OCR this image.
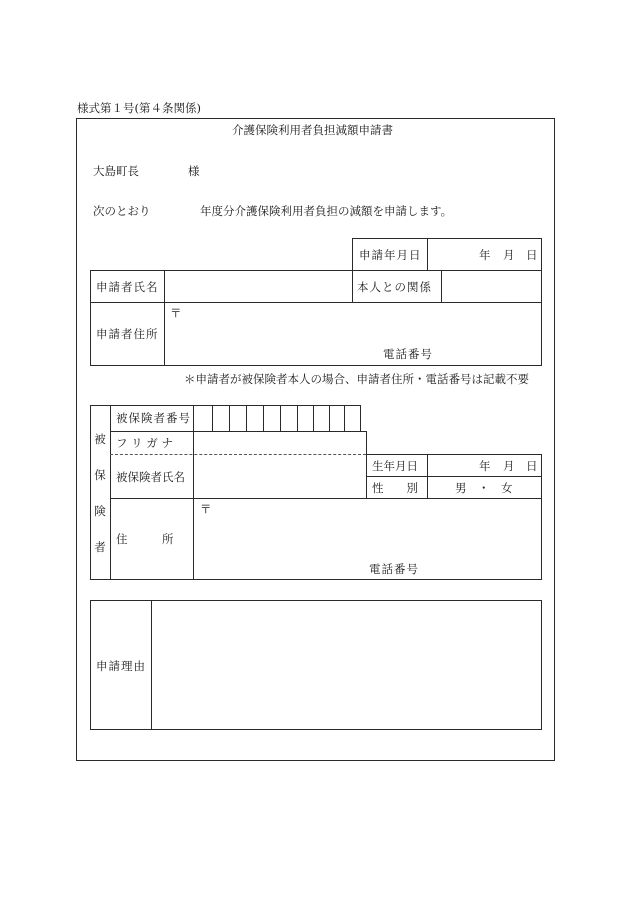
様式第１号(第４条関係)
介護保険利用者負担減額申請書
大島町長	様
次のとおり	年度分介護保険利用者負担の減額を申請します。
申請年月日	年 月 日
申請者氏名	本人との関係
申請者住所
〒
電話番号
＊申請者が被保険者本人の場合、申請者住所・電話番号は記載不要
被
保
険
者
被保険者番号
フ リ ガ ナ
被保険者氏名
生年月日	年 月 日
性　　別	男　・　女
住　　　所
〒
電話番号
申請理由
